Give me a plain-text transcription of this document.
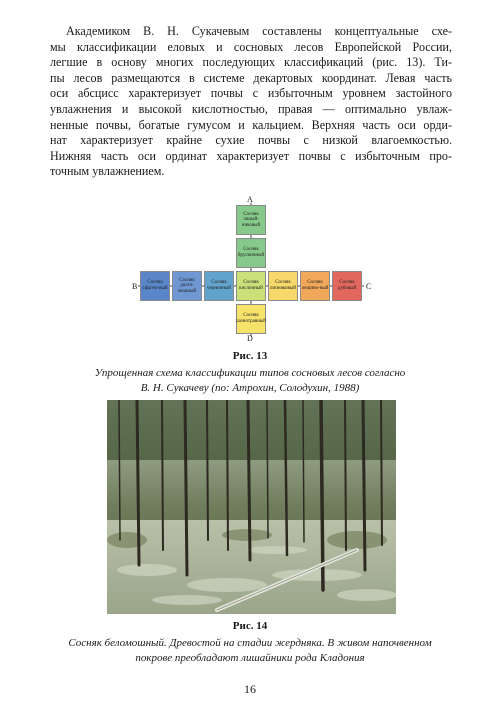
Академиком В. Н. Сукачевым составлены концептуальные схе-
мы классификации еловых и сосновых лесов Европейской России,
легшие в основу многих последующих классификаций (рис. 13). Ти-
пы лесов размещаются в системе декартовых координат. Левая часть
оси абсцисс характеризует почвы с избыточным уровнем застойного
увлажнения и высокой кислотностью, правая — оптимально увлаж-
ненные почвы, богатые гумусом и кальцием. Верхняя часть оси орди-
нат характеризует крайне сухие почвы с низкой влагоемкостью.
Нижняя часть оси ординат характеризует почвы с избыточным про-
точным увлажнением.
A
B	C
D
Сосняк лишай-никовый
Сосняк брусничный
Сосняк сфагно-вый
Сосняк долго-мошный
Сосняк черничный
Сосняк кисличный
Сосняк липняковый
Сосняк лещино-вый
Сосняк дубовый
Сосняк разнотравный
Рис. 13
Упрощенная схема классификации типов сосновых лесов согласно
В. Н. Сукачеву (по: Атрохин, Солодухин, 1988)
Рис. 14
Сосняк беломошный. Древостой на стадии жердняка. В живом напочвенном
покрове преобладают лишайники рода Кладония
16
